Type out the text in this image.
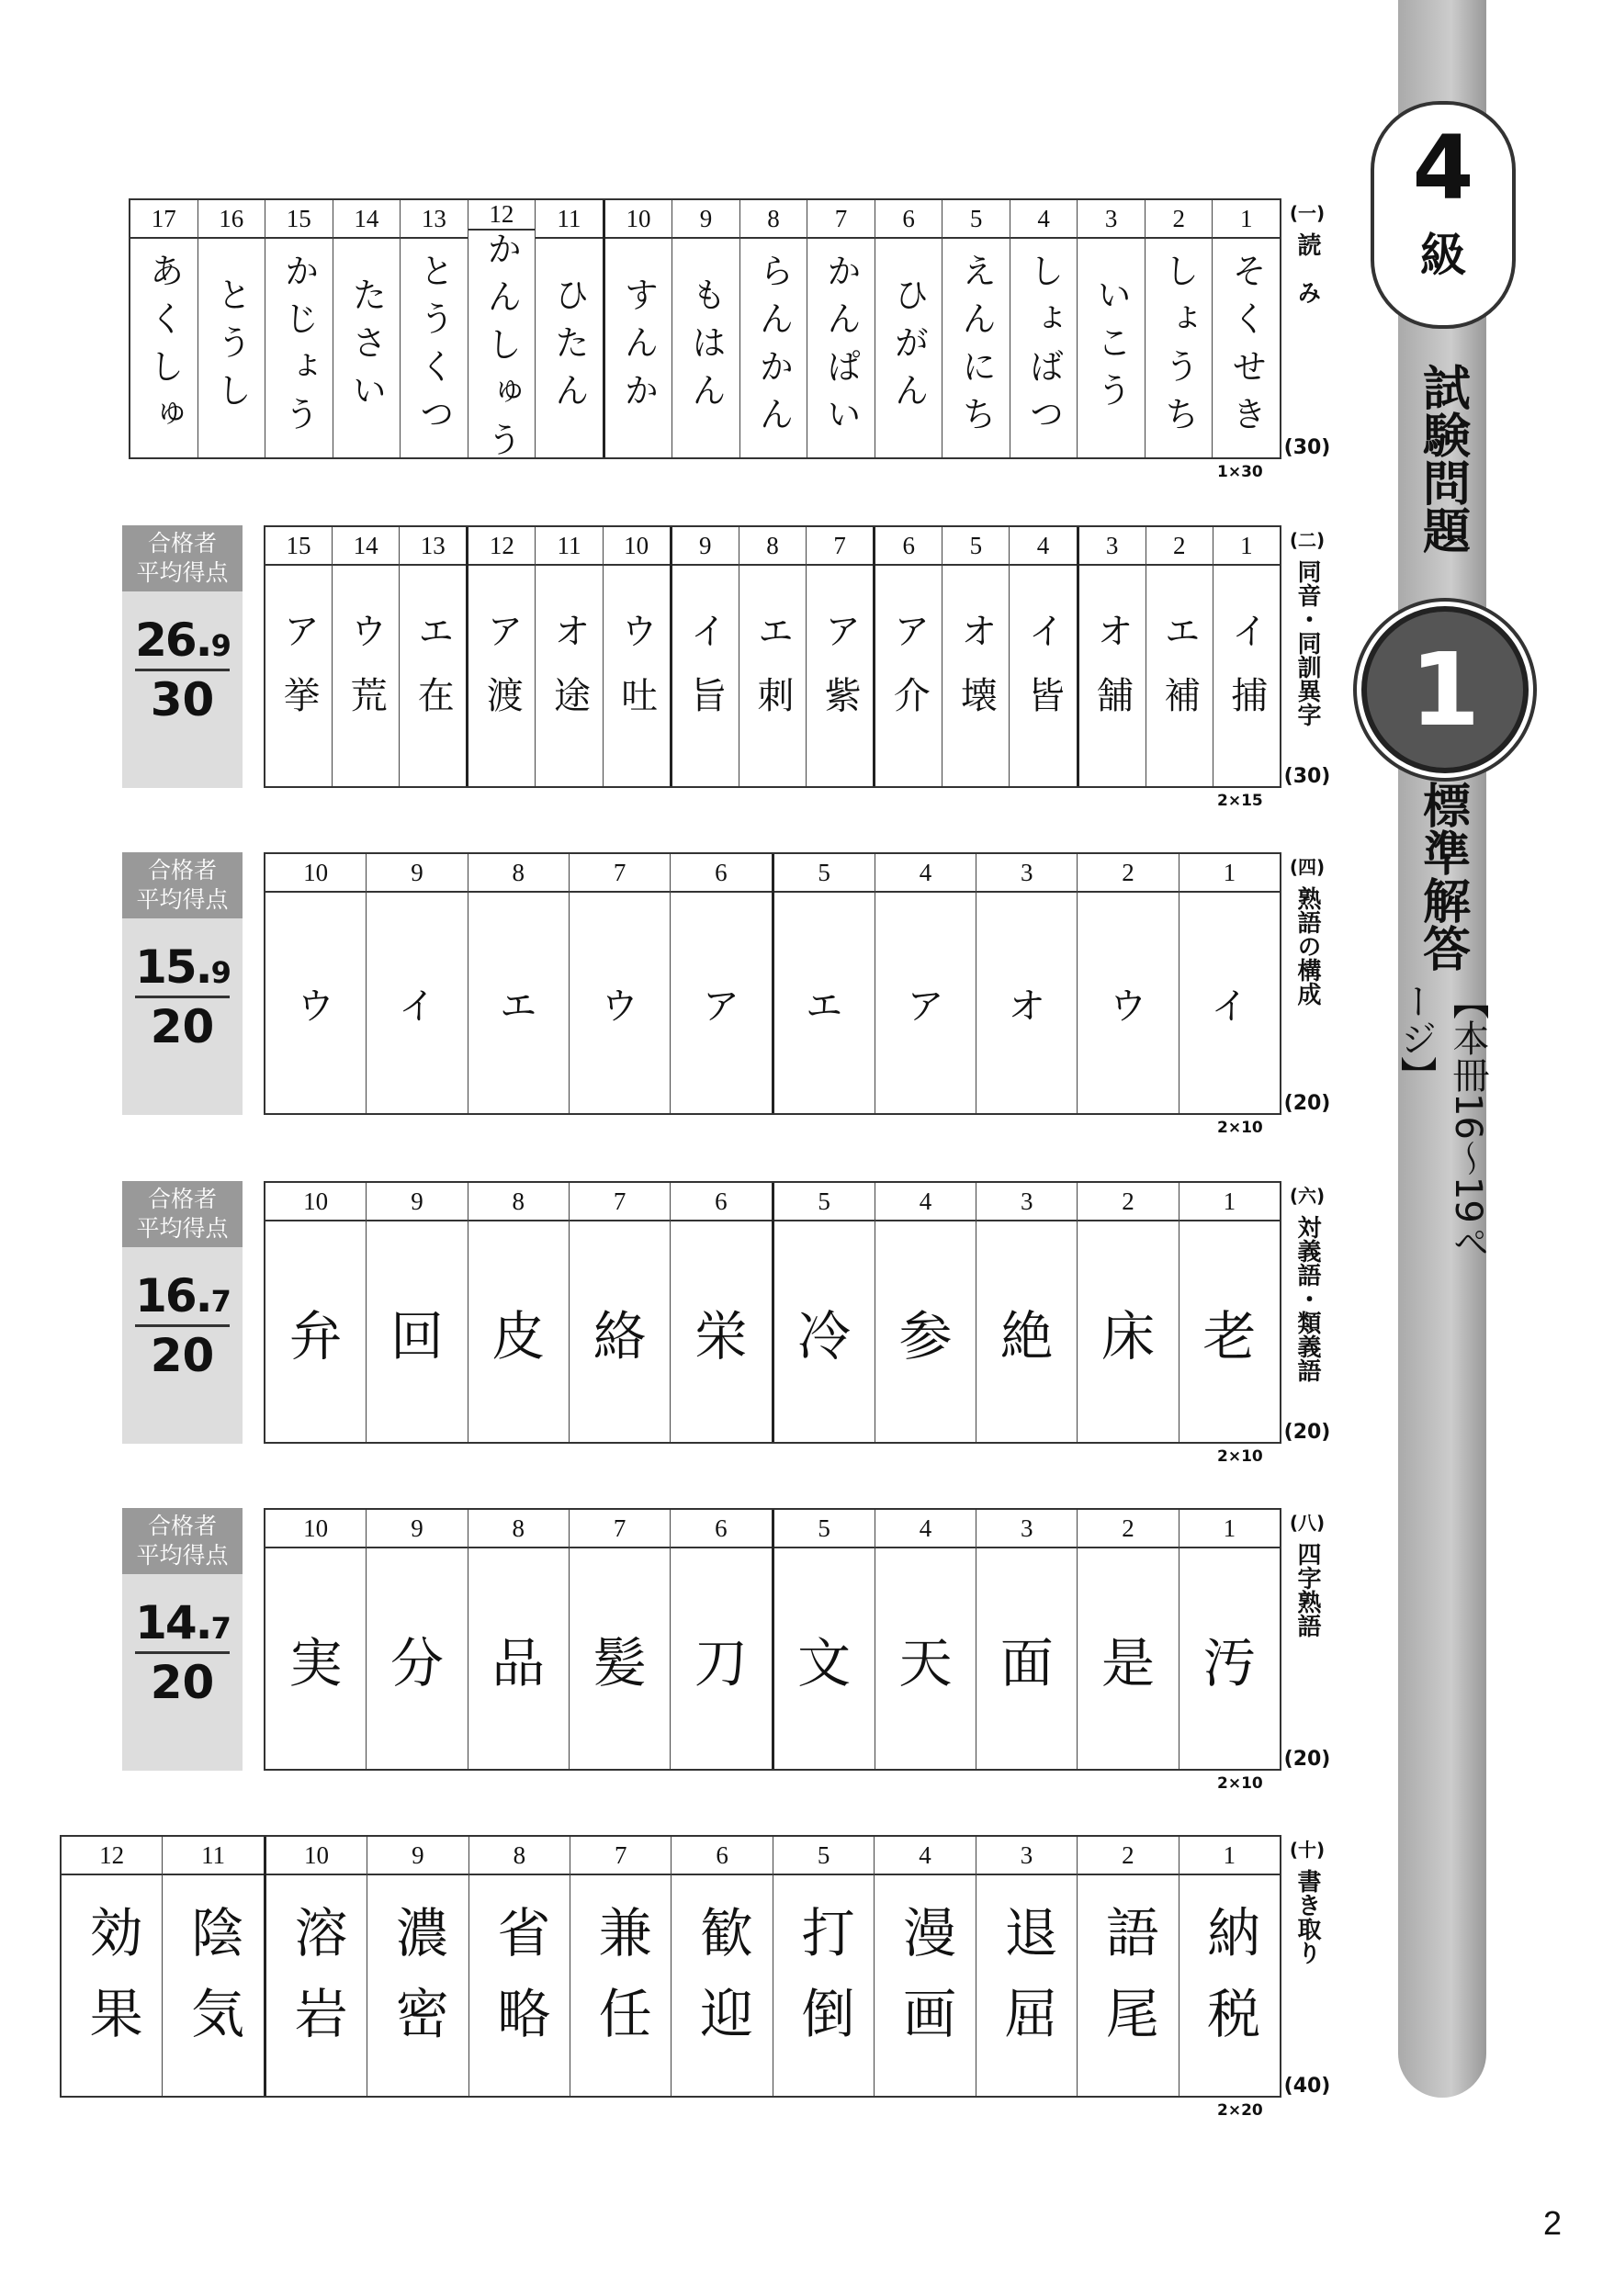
4
級
試験問題
1
標準解答
【本冊16〜19ページ】
2
1
そくせき
2
しょうち
3
いこう
4
しょばつ
5
えんにち
6
ひがん
7
かんぱい
8
らんかん
9
もはん
10
すんか
11
ひたん
12
かんしゅう
13
とうくつ
14
たさい
15
かじょう
16
とうし
17
あくしゅ
(一)
読　み
(30)
1×30
1
イ捕
2
エ補
3
オ舗
4
イ皆
5
オ壊
6
ア介
7
ア紫
8
エ刺
9
イ旨
10
ウ吐
11
オ途
12
ア渡
13
エ在
14
ウ荒
15
ア挙
(二)
同音・同訓異字
(30)
2×15
合格者
平均得点
26.9
30
1
イ
2
ウ
3
オ
4
ア
5
エ
6
ア
7
ウ
8
エ
9
イ
10
ウ
(四)
熟語の構成
(20)
2×10
合格者
平均得点
15.9
20
1
老
2
床
3
絶
4
参
5
冷
6
栄
7
絡
8
皮
9
回
10
弁
(六)
対義語・類義語
(20)
2×10
合格者
平均得点
16.7
20
1
汚
2
是
3
面
4
天
5
文
6
刀
7
髪
8
品
9
分
10
実
(八)
四字熟語
(20)
2×10
合格者
平均得点
14.7
20
1
納税
2
語尾
3
退屈
4
漫画
5
打倒
6
歓迎
7
兼任
8
省略
9
濃密
10
溶岩
11
陰気
12
効果
(十)
書き取り
(40)
2×20
